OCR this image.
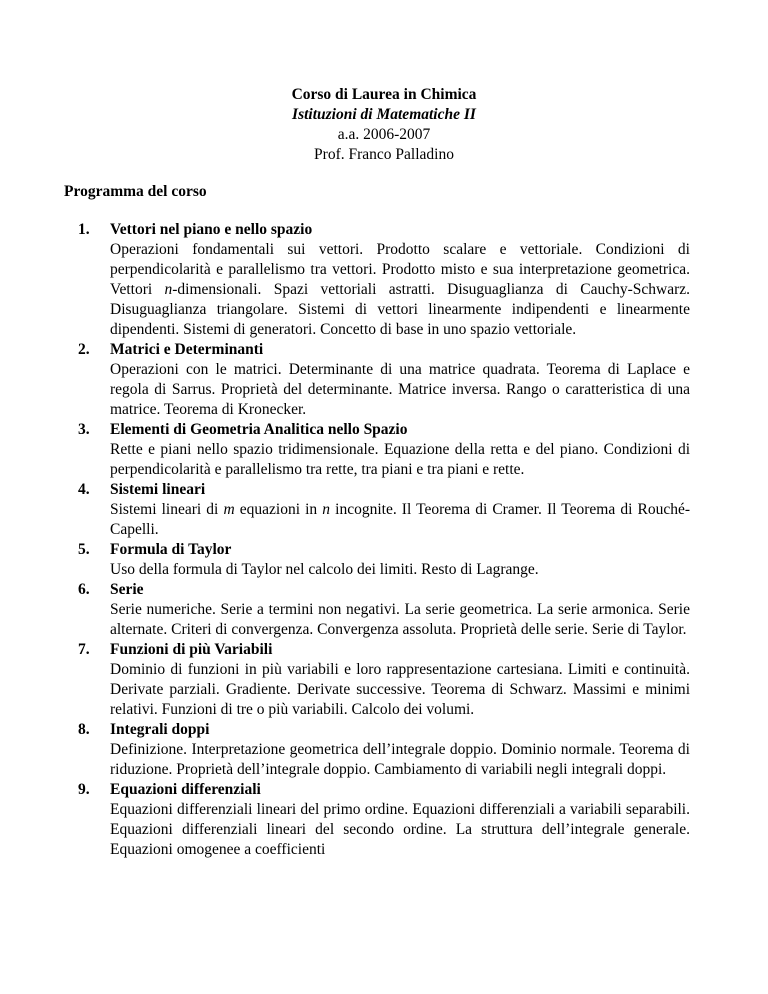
Corso di Laurea in Chimica
Istituzioni di Matematiche II
a.a. 2006-2007
Prof. Franco Palladino
Programma del corso
1. Vettori nel piano e nello spazio
Operazioni fondamentali sui vettori. Prodotto scalare e vettoriale. Condizioni di perpendicolarità e parallelismo tra vettori. Prodotto misto e sua interpretazione geometrica. Vettori n-dimensionali. Spazi vettoriali astratti. Disuguaglianza di Cauchy-Schwarz. Disuguaglianza triangolare. Sistemi di vettori linearmente indipendenti e linearmente dipendenti. Sistemi di generatori. Concetto di base in uno spazio vettoriale.
2. Matrici e Determinanti
Operazioni con le matrici. Determinante di una matrice quadrata. Teorema di Laplace e regola di Sarrus. Proprietà del determinante. Matrice inversa. Rango o caratteristica di una matrice. Teorema di Kronecker.
3. Elementi di Geometria Analitica nello Spazio
Rette e piani nello spazio tridimensionale. Equazione della retta e del piano. Condizioni di perpendicolarità e parallelismo tra rette, tra piani e tra piani e rette.
4. Sistemi lineari
Sistemi lineari di m equazioni in n incognite. Il Teorema di Cramer. Il Teorema di Rouché-Capelli.
5. Formula di Taylor
Uso della formula di Taylor nel calcolo dei limiti. Resto di Lagrange.
6. Serie
Serie numeriche. Serie a termini non negativi. La serie geometrica. La serie armonica. Serie alternate. Criteri di convergenza. Convergenza assoluta. Proprietà delle serie. Serie di Taylor.
7. Funzioni di più Variabili
Dominio di funzioni in più variabili e loro rappresentazione cartesiana. Limiti e continuità. Derivate parziali. Gradiente. Derivate successive. Teorema di Schwarz. Massimi e minimi relativi. Funzioni di tre o più variabili. Calcolo dei volumi.
8. Integrali doppi
Definizione. Interpretazione geometrica dell’integrale doppio. Dominio normale. Teorema di riduzione. Proprietà dell’integrale doppio. Cambiamento di variabili negli integrali doppi.
9. Equazioni differenziali
Equazioni differenziali lineari del primo ordine. Equazioni differenziali a variabili separabili. Equazioni differenziali lineari del secondo ordine. La struttura dell’integrale generale. Equazioni omogenee a coefficienti
